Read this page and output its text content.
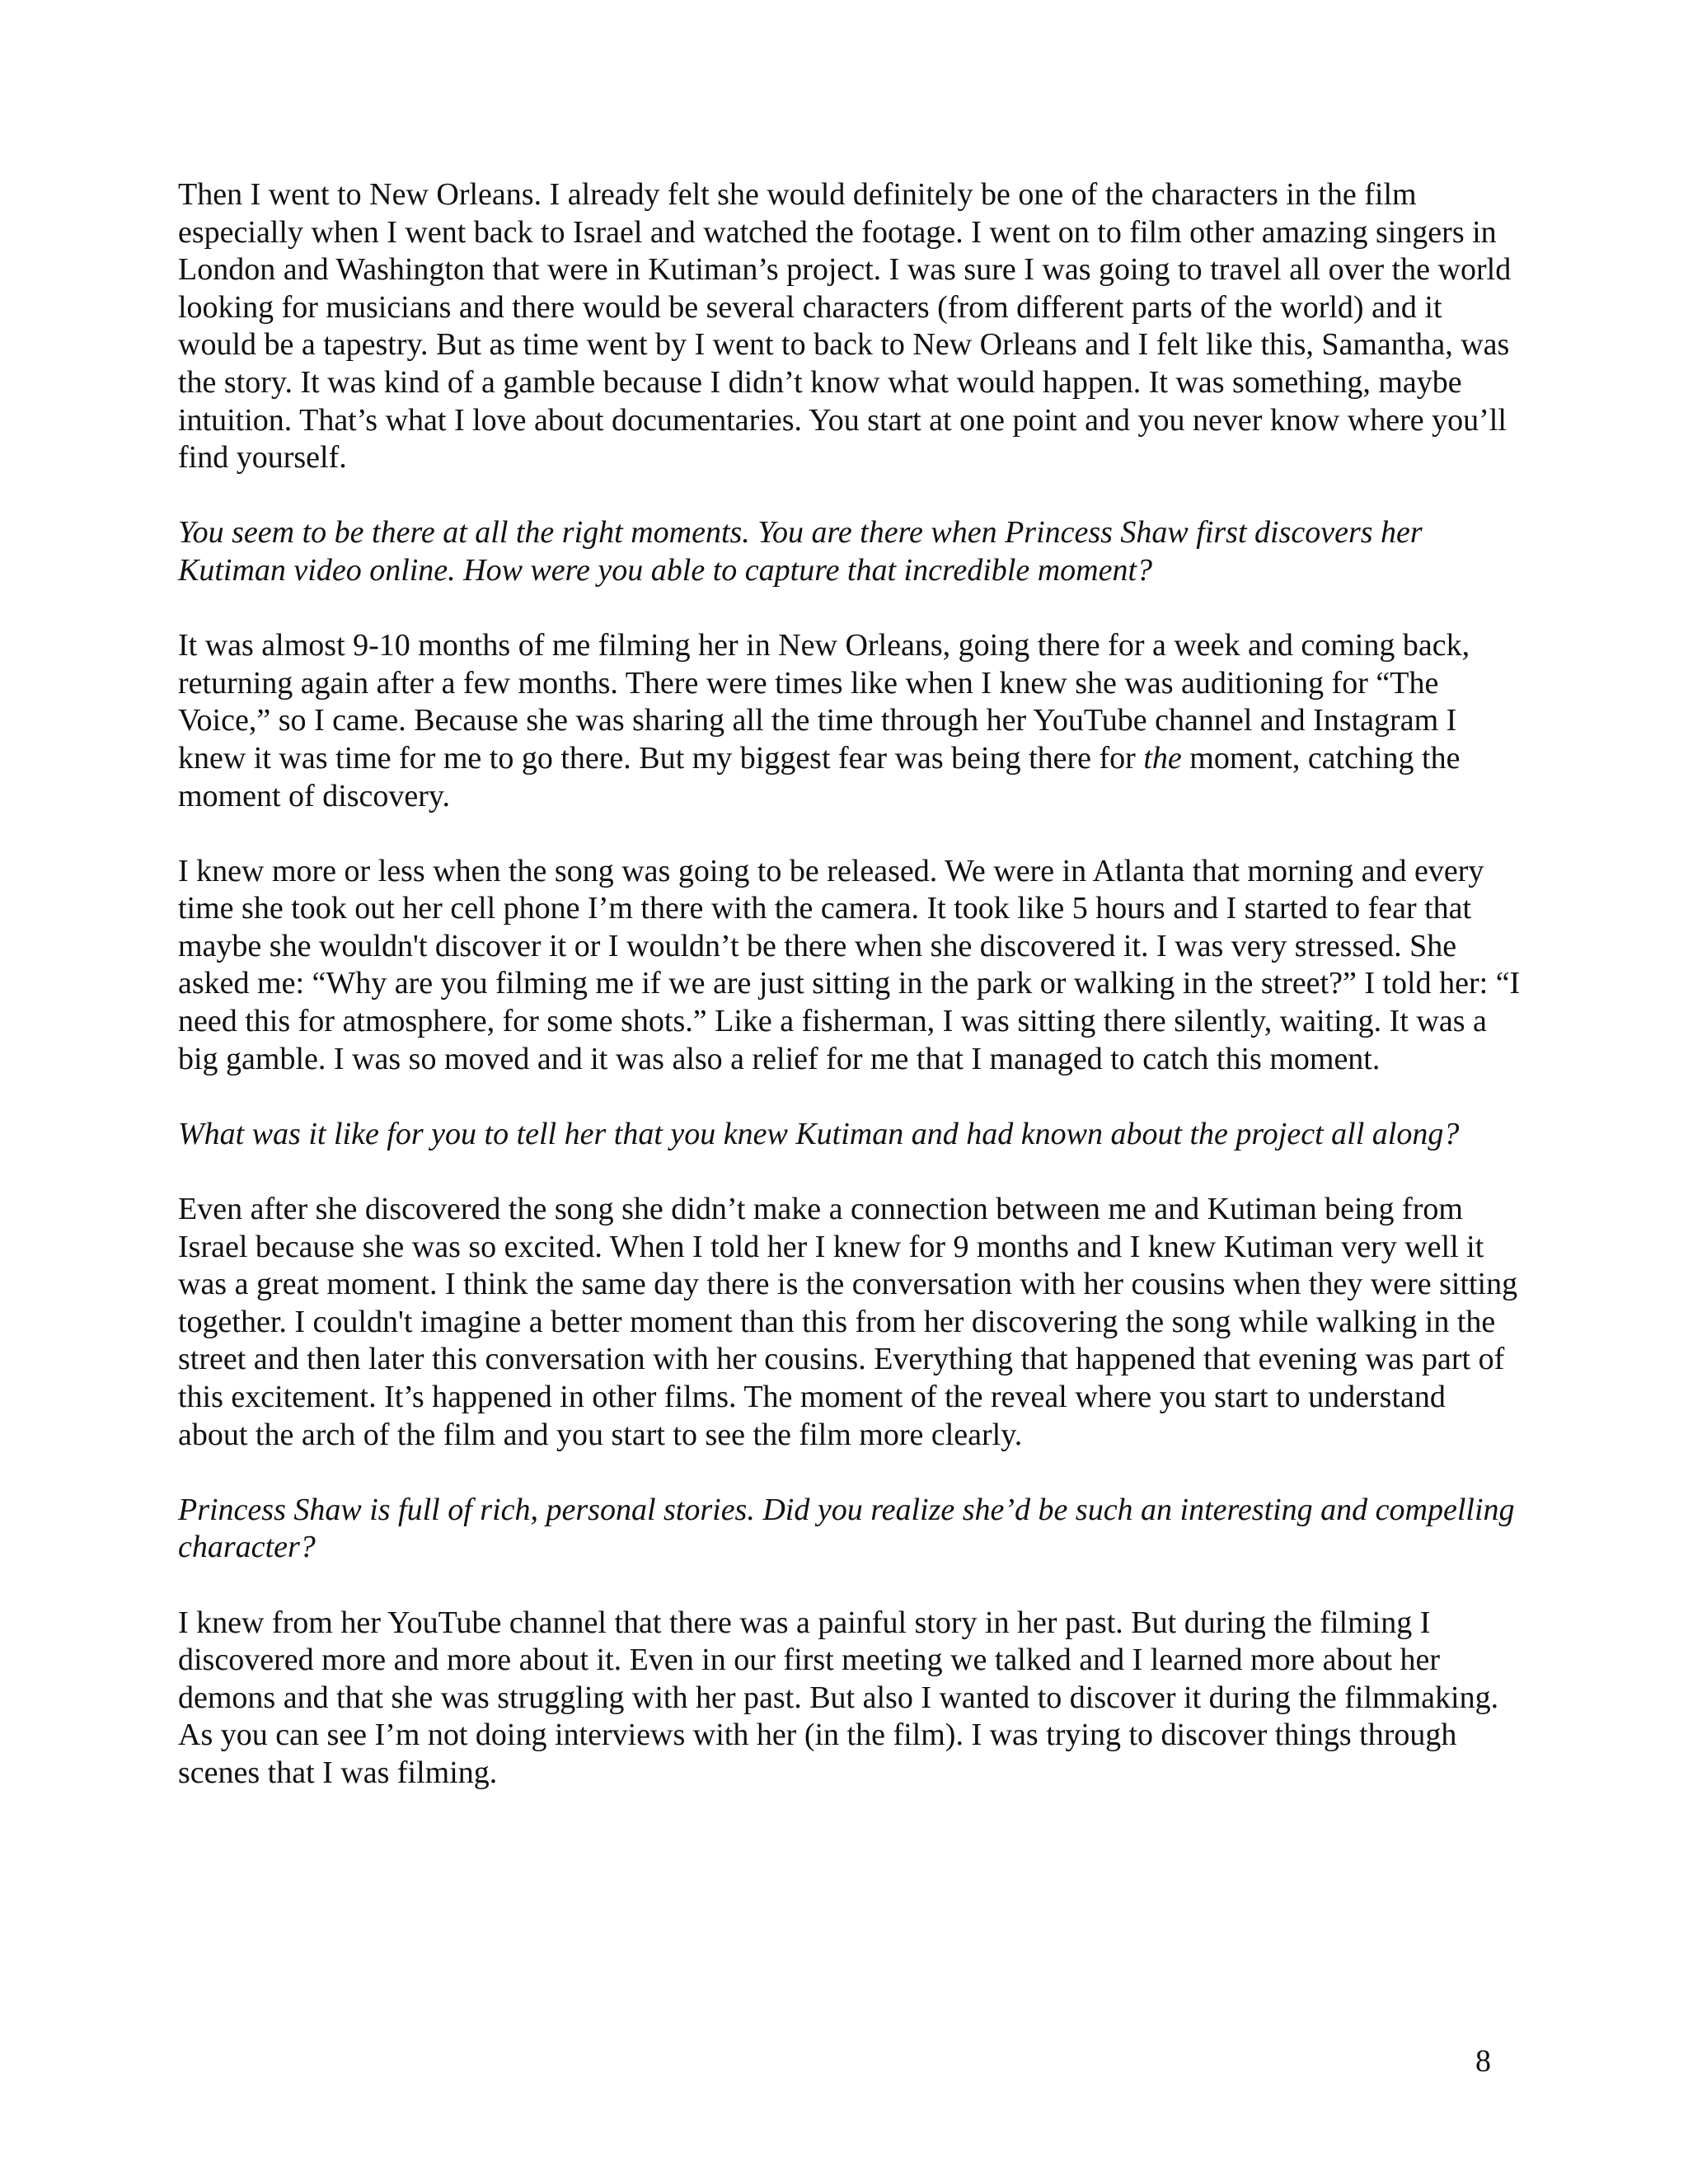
Then I went to New Orleans. I already felt she would definitely be one of the characters in the film especially when I went back to Israel and watched the footage. I went on to film other amazing singers in London and Washington that were in Kutiman’s project. I was sure I was going to travel all over the world looking for musicians and there would be several characters (from different parts of the world) and it would be a tapestry. But as time went by I went to back to New Orleans and I felt like this, Samantha, was the story. It was kind of a gamble because I didn’t know what would happen. It was something, maybe intuition. That’s what I love about documentaries. You start at one point and you never know where you’ll find yourself.

You seem to be there at all the right moments. You are there when Princess Shaw first discovers her Kutiman video online. How were you able to capture that incredible moment?

It was almost 9-10 months of me filming her in New Orleans, going there for a week and coming back, returning again after a few months. There were times like when I knew she was auditioning for “The Voice,” so I came. Because she was sharing all the time through her YouTube channel and Instagram I knew it was time for me to go there. But my biggest fear was being there for the moment, catching the moment of discovery.

I knew more or less when the song was going to be released. We were in Atlanta that morning and every time she took out her cell phone I’m there with the camera. It took like 5 hours and I started to fear that maybe she wouldn't discover it or I wouldn’t be there when she discovered it. I was very stressed. She asked me: “Why are you filming me if we are just sitting in the park or walking in the street?” I told her: “I need this for atmosphere, for some shots.” Like a fisherman, I was sitting there silently, waiting. It was a big gamble. I was so moved and it was also a relief for me that I managed to catch this moment.

What was it like for you to tell her that you knew Kutiman and had known about the project all along?

Even after she discovered the song she didn’t make a connection between me and Kutiman being from Israel because she was so excited. When I told her I knew for 9 months and I knew Kutiman very well it was a great moment. I think the same day there is the conversation with her cousins when they were sitting together. I couldn't imagine a better moment than this from her discovering the song while walking in the street and then later this conversation with her cousins. Everything that happened that evening was part of this excitement. It’s happened in other films. The moment of the reveal where you start to understand about the arch of the film and you start to see the film more clearly.

Princess Shaw is full of rich, personal stories. Did you realize she’d be such an interesting and compelling character?

I knew from her YouTube channel that there was a painful story in her past. But during the filming I discovered more and more about it. Even in our first meeting we talked and I learned more about her demons and that she was struggling with her past. But also I wanted to discover it during the filmmaking. As you can see I’m not doing interviews with her (in the film). I was trying to discover things through scenes that I was filming.

8
